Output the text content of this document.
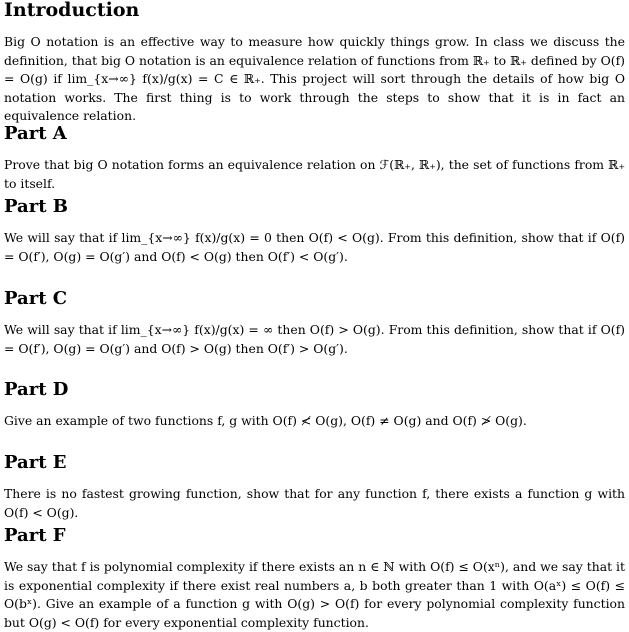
Introduction

Big O notation is an effective way to measure how quickly things grow. In class we discuss the definition, that big O notation is an equivalence relation of functions from ℝ₊ to ℝ₊ defined by O(f) = O(g) if lim_{x→∞} f(x)/g(x) = C ∈ ℝ₊. This project will sort through the details of how big O notation works. The first thing is to work through the steps to show that it is in fact an equivalence relation.

Part A

Prove that big O notation forms an equivalence relation on ℱ(ℝ₊, ℝ₊), the set of functions from ℝ₊ to itself.

Part B

We will say that if lim_{x→∞} f(x)/g(x) = 0 then O(f) < O(g). From this definition, show that if O(f) = O(f′), O(g) = O(g′) and O(f) < O(g) then O(f′) < O(g′).

Part C

We will say that if lim_{x→∞} f(x)/g(x) = ∞ then O(f) > O(g). From this definition, show that if O(f) = O(f′), O(g) = O(g′) and O(f) > O(g) then O(f′) > O(g′).

Part D

Give an example of two functions f, g with O(f) ≮ O(g), O(f) ≠ O(g) and O(f) ≯ O(g).

Part E

There is no fastest growing function, show that for any function f, there exists a function g with O(f) < O(g).

Part F

We say that f is polynomial complexity if there exists an n ∈ ℕ with O(f) ≤ O(xⁿ), and we say that it is exponential complexity if there exist real numbers a, b both greater than 1 with O(aˣ) ≤ O(f) ≤ O(bˣ). Give an example of a function g with O(g) > O(f) for every polynomial complexity function but O(g) < O(f) for every exponential complexity function.
